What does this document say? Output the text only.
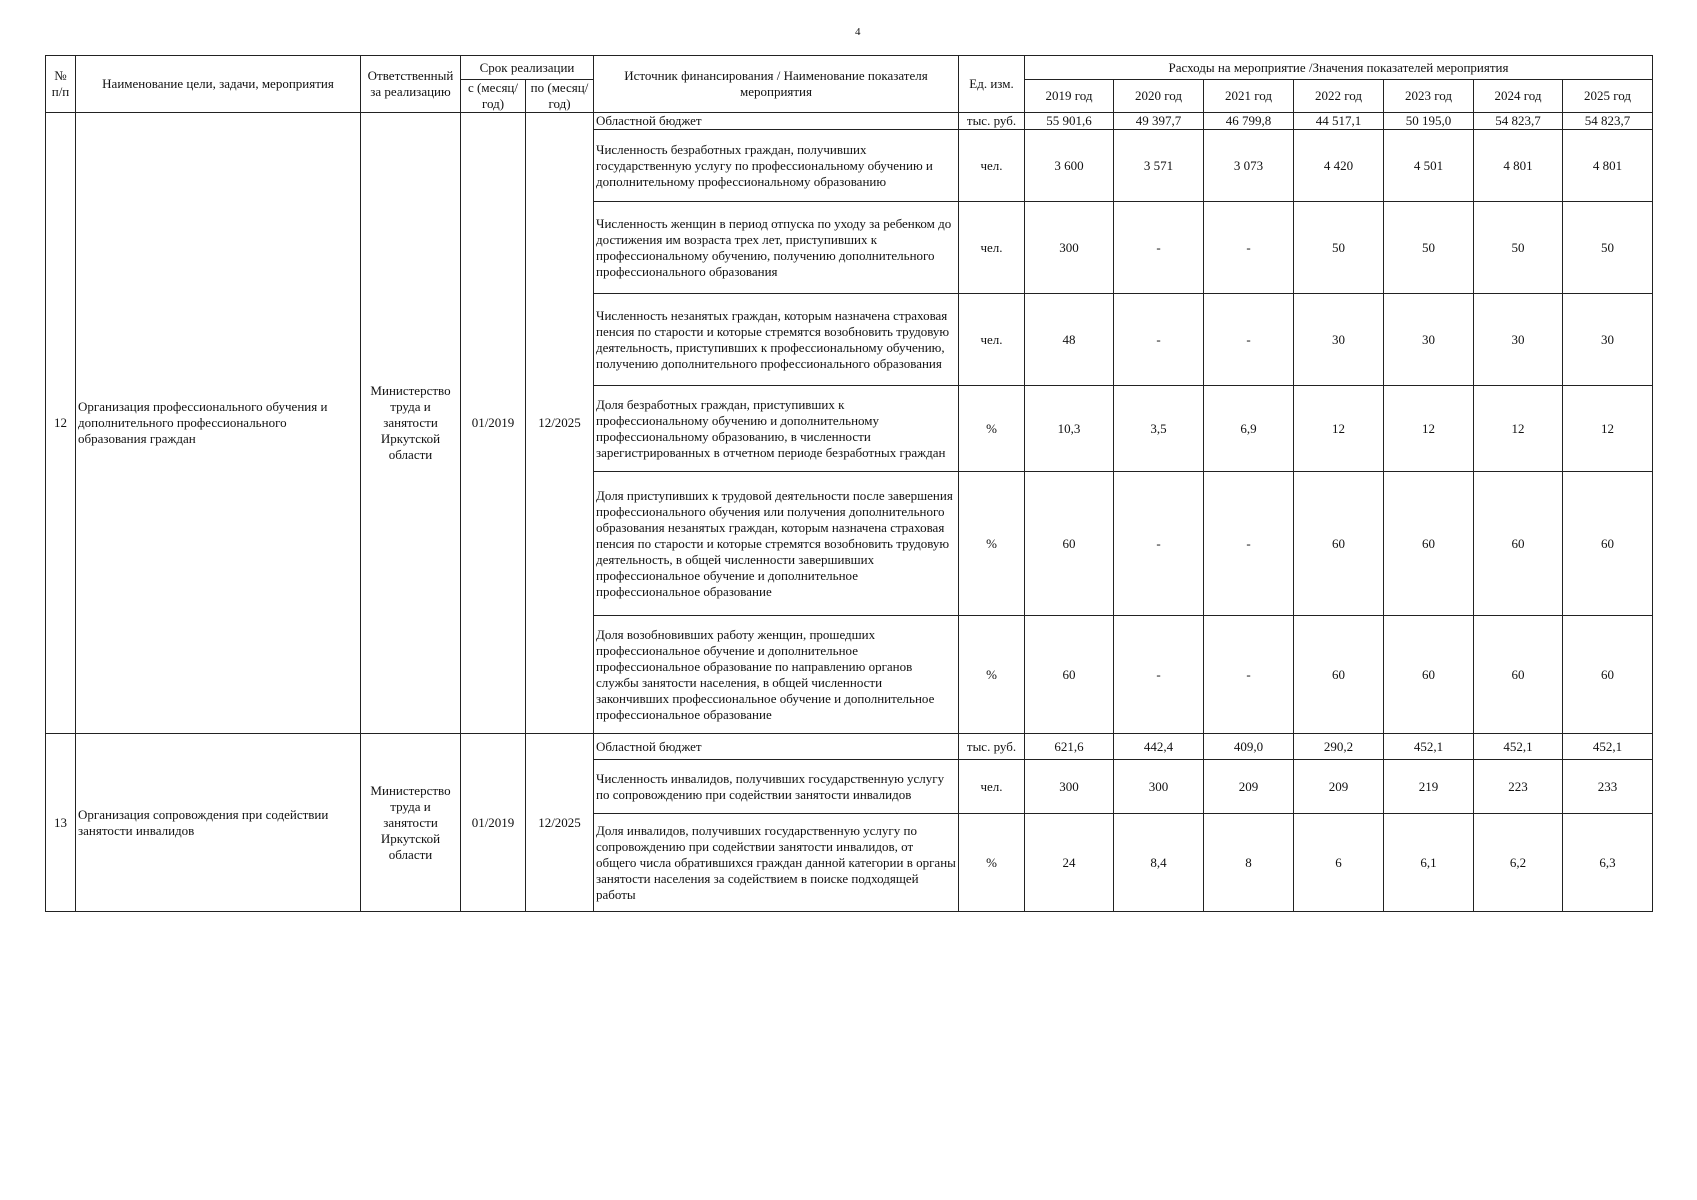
4
№ п/п	Наименование цели, задачи, мероприятия	Ответственный за реализацию	Срок реализации		Источник финансирования / Наименование показателя мероприятия	Ед. изм.	Расходы на мероприятие /Значения показателей мероприятия						
			с (месяц/год)	по (месяц/год)			2019 год	2020 год	2021 год	2022 год	2023 год	2024 год	2025 год

12	Организация профессионального обучения и дополнительного профессионального образования граждан	Министерство труда и занятости Иркутской области	01/2019	12/2025	Областной бюджет	тыс. руб.	55 901,6	49 397,7	46 799,8	44 517,1	50 195,0	54 823,7	54 823,7
					Численность безработных граждан, получивших государственную услугу по профессиональному обучению и дополнительному профессиональному образованию	чел.	3 600	3 571	3 073	4 420	4 501	4 801	4 801
					Численность женщин в период отпуска по уходу за ребенком до достижения им возраста трех лет, приступивших к профессиональному обучению, получению дополнительного профессионального образования	чел.	300	-	-	50	50	50	50
					Численность незанятых граждан, которым назначена страховая пенсия по старости и которые стремятся возобновить трудовую деятельность, приступивших к профессиональному обучению, получению дополнительного профессионального образования	чел.	48	-	-	30	30	30	30
					Доля безработных граждан, приступивших к профессиональному обучению и дополнительному профессиональному образованию, в численности зарегистрированных в отчетном периоде безработных граждан	%	10,3	3,5	6,9	12	12	12	12
					Доля приступивших к трудовой деятельности после завершения профессионального обучения или получения дополнительного образования незанятых граждан, которым назначена страховая пенсия по старости и которые стремятся возобновить трудовую деятельность, в общей численности завершивших профессиональное обучение и дополнительное профессиональное образование	%	60	-	-	60	60	60	60
					Доля возобновивших работу женщин, прошедших профессиональное обучение и дополнительное профессиональное образование по направлению органов службы занятости населения, в общей численности закончивших профессиональное обучение и дополнительное профессиональное образование	%	60	-	-	60	60	60	60
13	Организация сопровождения при содействии занятости инвалидов	Министерство труда и занятости Иркутской области	01/2019	12/2025	Областной бюджет	тыс. руб.	621,6	442,4	409,0	290,2	452,1	452,1	452,1
					Численность инвалидов, получивших государственную услугу по сопровождению при содействии занятости инвалидов	чел.	300	300	209	209	219	223	233
					Доля инвалидов, получивших государственную услугу по сопровождению при содействии занятости инвалидов, от общего числа обратившихся граждан данной категории в органы занятости населения за содействием в поиске подходящей работы	%	24	8,4	8	6	6,1	6,2	6,3
